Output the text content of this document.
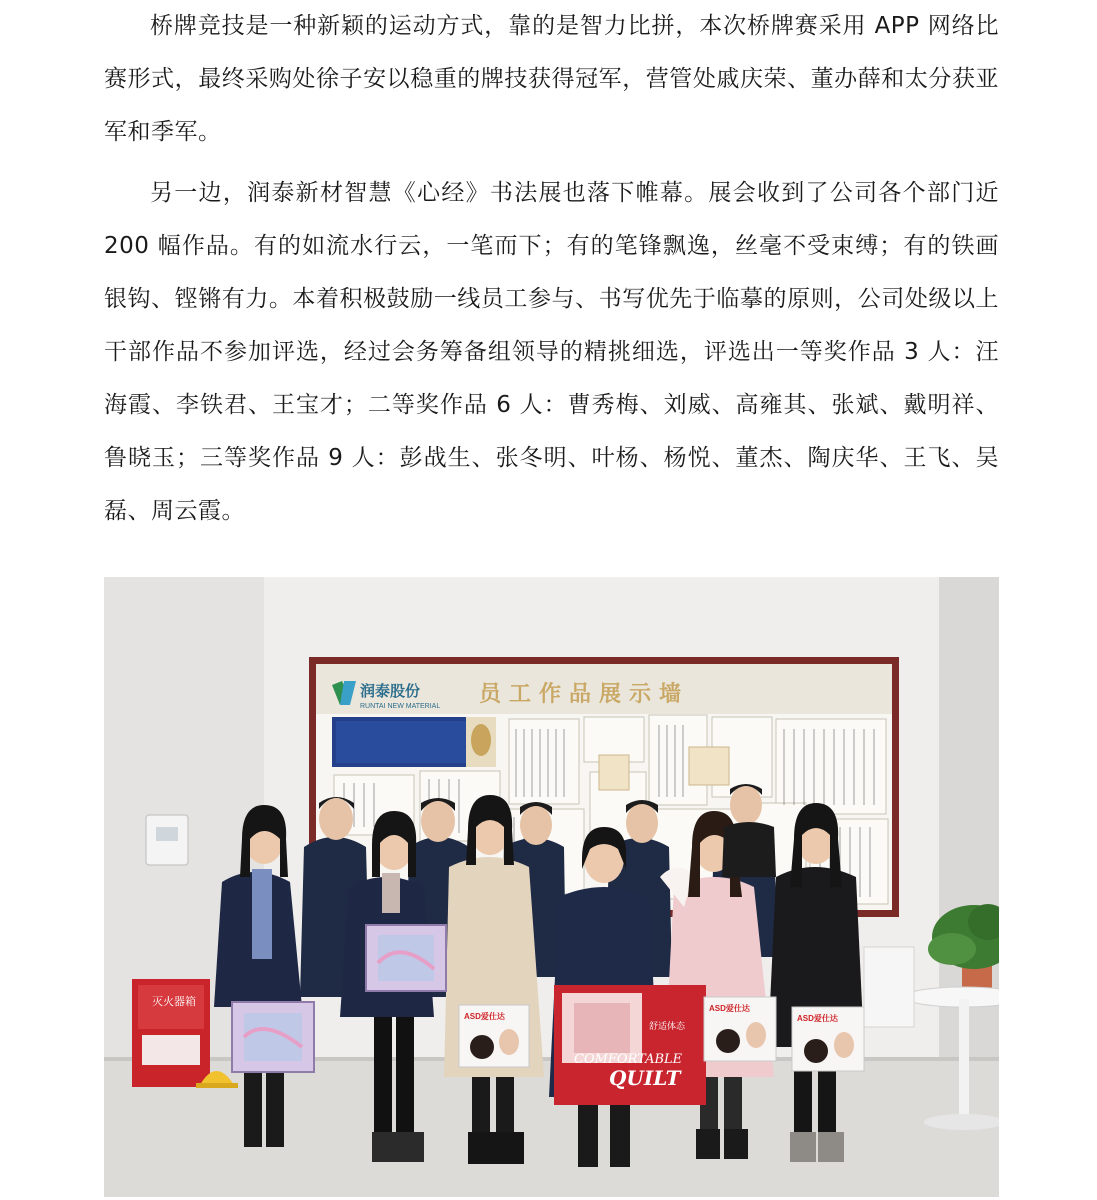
桥牌竞技是一种新颖的运动方式，靠的是智力比拼，本次桥牌赛采用 APP 网络比赛形式，最终采购处徐子安以稳重的牌技获得冠军，营管处戚庆荣、董办薛和太分获亚军和季军。

另一边，润泰新材智慧《心经》书法展也落下帷幕。展会收到了公司各个部门近 200 幅作品。有的如流水行云，一笔而下；有的笔锋飘逸，丝毫不受束缚；有的铁画银钩、铿锵有力。本着积极鼓励一线员工参与、书写优先于临摹的原则，公司处级以上干部作品不参加评选，经过会务筹备组领导的精挑细选，评选出一等奖作品 3 人：汪海霞、李铁君、王宝才；二等奖作品 6 人：曹秀梅、刘威、高雍其、张斌、戴明祥、鲁晓玉；三等奖作品 9 人：彭战生、张冬明、叶杨、杨悦、董杰、陶庆华、王飞、吴磊、周云霞。

润泰股份
RUNTAI NEW MATERIAL 员工作品展示墙
灭火器箱
ASD爱仕达
COMFORTABLE
QUILT
舒适体态
ASD爱仕达
ASD爱仕达
